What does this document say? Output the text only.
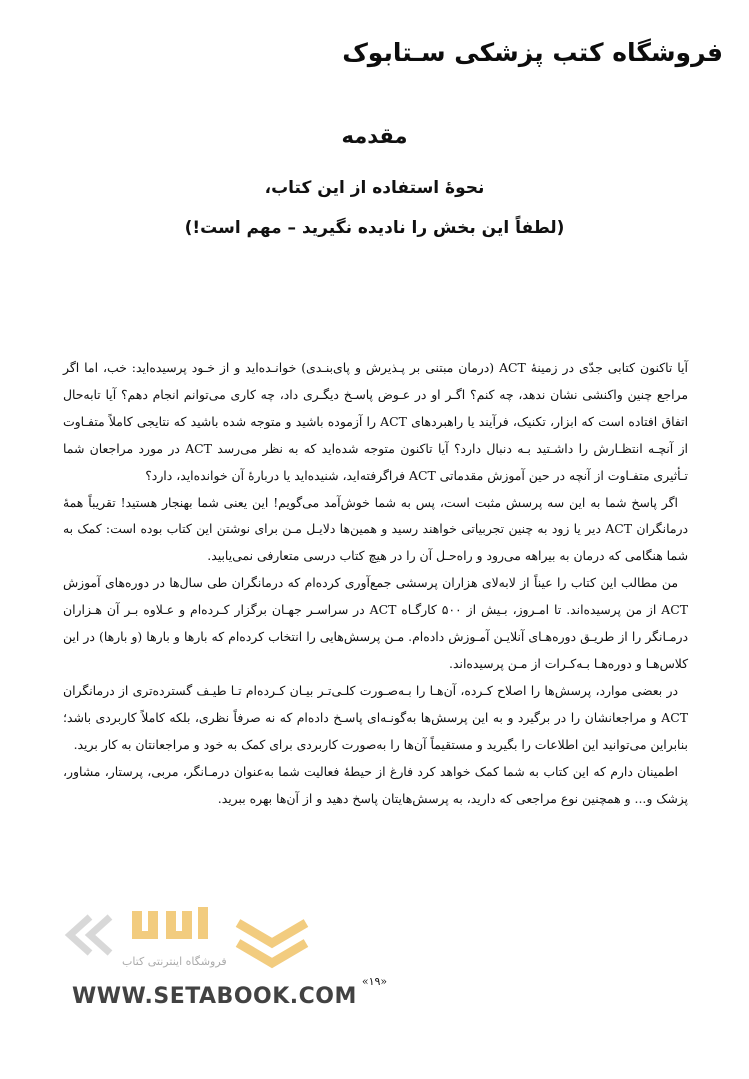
فروشگاه کتب پزشکی سـتابوک
مقدمه
نحوهٔ استفاده از این کتاب،
(لطفاً این بخش را نادیده نگیرید – مهم است!)

آیا تاکنون کتابی جدّی در زمینهٔ ACT (درمان مبتنی بر پـذیرش و پای‌بنـدی) خوانـده‌اید و از خـود پرسیده‌اید: خب، اما اگر مراجع چنین واکنشی نشان ندهد، چه کنم؟ اگـر او در عـوض پاسـخ دیگـری داد، چه کاری می‌توانم انجام دهم؟ آیا تابه‌حال اتفاق افتاده است که ابزار، تکنیک، فرآیند یا راهبردهای ACT را آزموده باشید و متوجه شده باشید که نتایجی کاملاً متفـاوت از آنچـه انتظـارش را داشـتید بـه دنبال دارد؟ آیا تاکنون متوجه شده‌اید که به نظر می‌رسد ACT در مورد مراجعان شما تـأثیری متفـاوت از آنچه در حین آموزش مقدماتی ACT فراگرفته‌اید، شنیده‌اید یا دربارهٔ آن خوانده‌اید، دارد؟

اگر پاسخ شما به این سه پرسش مثبت است، پس به شما خوش‌آمد می‌گویم! این یعنی شما بهنجار هستید! تقریباً همهٔ درمانگران ACT دیر یا زود به چنین تجربیاتی خواهند رسید و همین‌ها دلایـل مـن برای نوشتن این کتاب بوده است: کمک به شما هنگامی که درمان به بیراهه می‌رود و راه‌حـل آن را در هیچ کتاب درسی متعارفی نمی‌یابید.

من مطالب این کتاب را عیناً از لابه‌لای هزاران پرسشی جمع‌آوری کرده‌ام که درمانگران طی سال‌ها در دوره‌های آموزش ACT از من پرسیده‌اند. تا امـروز، بـیش از ۵۰۰ کارگـاه ACT در سراسـر جهـان برگزار کـرده‌ام و عـلاوه بـر آن هـزاران درمـانگر را از طریـق دوره‌هـای آنلایـن آمـوزش داده‌ام. مـن پرسش‌هایی را انتخاب کرده‌ام که بارها و بارها (و بارها) در این کلاس‌هـا و دوره‌هـا بـه‌کـرات از مـن پرسیده‌اند.

در بعضی موارد، پرسش‌ها را اصلاح کـرده، آن‌هـا را بـه‌صـورت کلـی‌تـر بیـان کـرده‌ام تـا طیـف گسترده‌تری از درمانگران ACT و مراجعانشان را در برگیرد و به این پرسش‌ها به‌گونـه‌ای پاسـخ داده‌ام که نه صرفاً نظری، بلکه کاملاً کاربردی باشد؛ بنابراین می‌توانید این اطلاعات را بگیرید و مستقیماً آن‌ها را به‌صورت کاربردی برای کمک به خود و مراجعانتان به کار برید.

اطمینان دارم که این کتاب به شما کمک خواهد کرد فارغ از حیطهٔ فعالیت شما به‌عنوان درمـانگر، مربی، پرستار، مشاور، پزشک و... و همچنین نوع مراجعی که دارید، به پرسش‌هایتان پاسخ دهید و از آن‌ها بهره ببرید.

فروشگاه اینترنتی کتاب
WWW.SETABOOK.COM
«۱۹»
